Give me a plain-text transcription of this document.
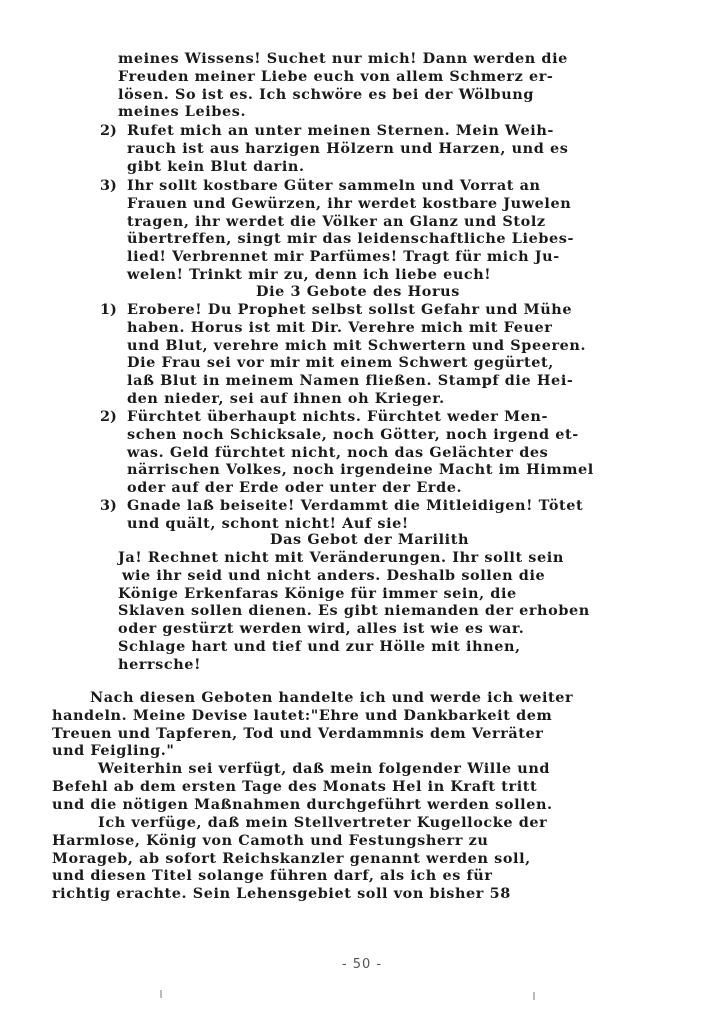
meines Wissens! Suchet nur mich! Dann werden die
Freuden meiner Liebe euch von allem Schmerz er-
lösen. So ist es. Ich schwöre es bei der Wölbung
meines Leibes.
2) Rufet mich an unter meinen Sternen. Mein Weih-
rauch ist aus harzigen Hölzern und Harzen, und es
gibt kein Blut darin.
3) Ihr sollt kostbare Güter sammeln und Vorrat an
Frauen und Gewürzen, ihr werdet kostbare Juwelen
tragen, ihr werdet die Völker an Glanz und Stolz
übertreffen, singt mir das leidenschaftliche Liebes-
lied! Verbrennet mir Parfümes! Tragt für mich Ju-
welen! Trinkt mir zu, denn ich liebe euch!
Die 3 Gebote des Horus
1) Erobere! Du Prophet selbst sollst Gefahr und Mühe
haben. Horus ist mit Dir. Verehre mich mit Feuer
und Blut, verehre mich mit Schwertern und Speeren.
Die Frau sei vor mir mit einem Schwert gegürtet,
laß Blut in meinem Namen fließen. Stampf die Hei-
den nieder, sei auf ihnen oh Krieger.
2) Fürchtet überhaupt nichts. Fürchtet weder Men-
schen noch Schicksale, noch Götter, noch irgend et-
was. Geld fürchtet nicht, noch das Gelächter des
närrischen Volkes, noch irgendeine Macht im Himmel
oder auf der Erde oder unter der Erde.
3) Gnade laß beiseite! Verdammt die Mitleidigen! Tötet
und quält, schont nicht! Auf sie!
Das Gebot der Marilith
Ja! Rechnet nicht mit Veränderungen. Ihr sollt sein
wie ihr seid und nicht anders. Deshalb sollen die
Könige Erkenfaras Könige für immer sein, die
Sklaven sollen dienen. Es gibt niemanden der erhoben
oder gestürzt werden wird, alles ist wie es war.
Schlage hart und tief und zur Hölle mit ihnen,
herrsche!
Nach diesen Geboten handelte ich und werde ich weiter
handeln. Meine Devise lautet:"Ehre und Dankbarkeit dem
Treuen und Tapferen, Tod und Verdammnis dem Verräter
und Feigling."
Weiterhin sei verfügt, daß mein folgender Wille und
Befehl ab dem ersten Tage des Monats Hel in Kraft tritt
und die nötigen Maßnahmen durchgeführt werden sollen.
Ich verfüge, daß mein Stellvertreter Kugellocke der
Harmlose, König von Camoth und Festungsherr zu
Morageb, ab sofort Reichskanzler genannt werden soll,
und diesen Titel solange führen darf, als ich es für
richtig erachte. Sein Lehensgebiet soll von bisher 58
- 50 -
